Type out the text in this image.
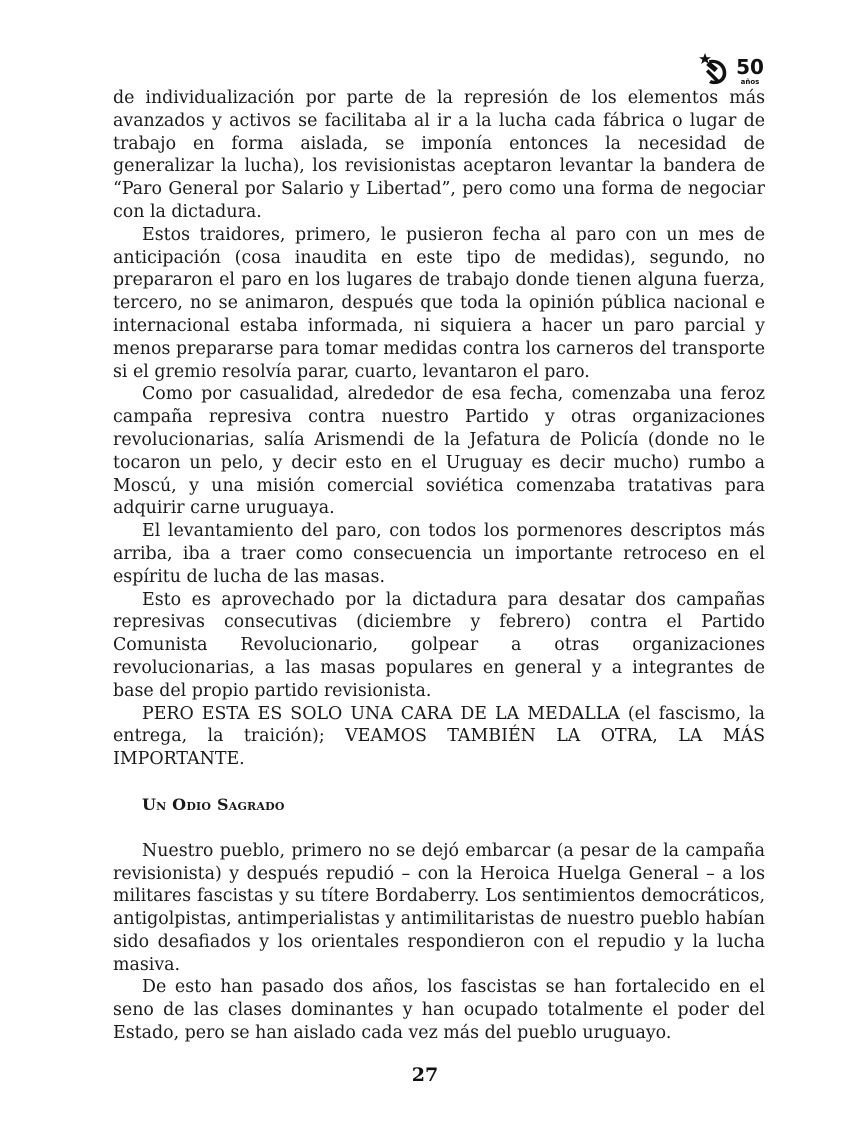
50
años

de individualización por parte de la represión de los elementos más avanzados y activos se facilitaba al ir a la lucha cada fábrica o lugar de trabajo en forma aislada, se imponía entonces la necesidad de generalizar la lucha), los revisionistas aceptaron levantar la bandera de “Paro General por Salario y Libertad”, pero como una forma de negociar con la dictadura.

Estos traidores, primero, le pusieron fecha al paro con un mes de anticipación (cosa inaudita en este tipo de medidas), segundo, no prepararon el paro en los lugares de trabajo donde tienen alguna fuerza, tercero, no se animaron, después que toda la opinión pública nacional e internacional estaba informada, ni siquiera a hacer un paro parcial y menos prepararse para tomar medidas contra los carneros del transporte si el gremio resolvía parar, cuarto, levantaron el paro.

Como por casualidad, alrededor de esa fecha, comenzaba una feroz campaña represiva contra nuestro Partido y otras organizaciones revolucionarias, salía Arismendi de la Jefatura de Policía (donde no le tocaron un pelo, y decir esto en el Uruguay es decir mucho) rumbo a Moscú, y una misión comercial soviética comenzaba tratativas para adquirir carne uruguaya.

El levantamiento del paro, con todos los pormenores descriptos más arriba, iba a traer como consecuencia un importante retroceso en el espíritu de lucha de las masas.

Esto es aprovechado por la dictadura para desatar dos campañas represivas consecutivas (diciembre y febrero) contra el Partido Comunista Revolucionario, golpear a otras organizaciones revolucionarias, a las masas populares en general y a integrantes de base del propio partido revisionista.

PERO ESTA ES SOLO UNA CARA DE LA MEDALLA (el fascismo, la entrega, la traición); VEAMOS TAMBIÉN LA OTRA, LA MÁS IMPORTANTE.

Un Odio Sagrado

Nuestro pueblo, primero no se dejó embarcar (a pesar de la campaña revisionista) y después repudió – con la Heroica Huelga General – a los militares fascistas y su títere Bordaberry. Los sentimientos democráticos, antigolpistas, antimperialistas y antimilitaristas de nuestro pueblo habían sido desafiados y los orientales respondieron con el repudio y la lucha masiva.

De esto han pasado dos años, los fascistas se han fortalecido en el seno de las clases dominantes y han ocupado totalmente el poder del Estado, pero se han aislado cada vez más del pueblo uruguayo.

27
